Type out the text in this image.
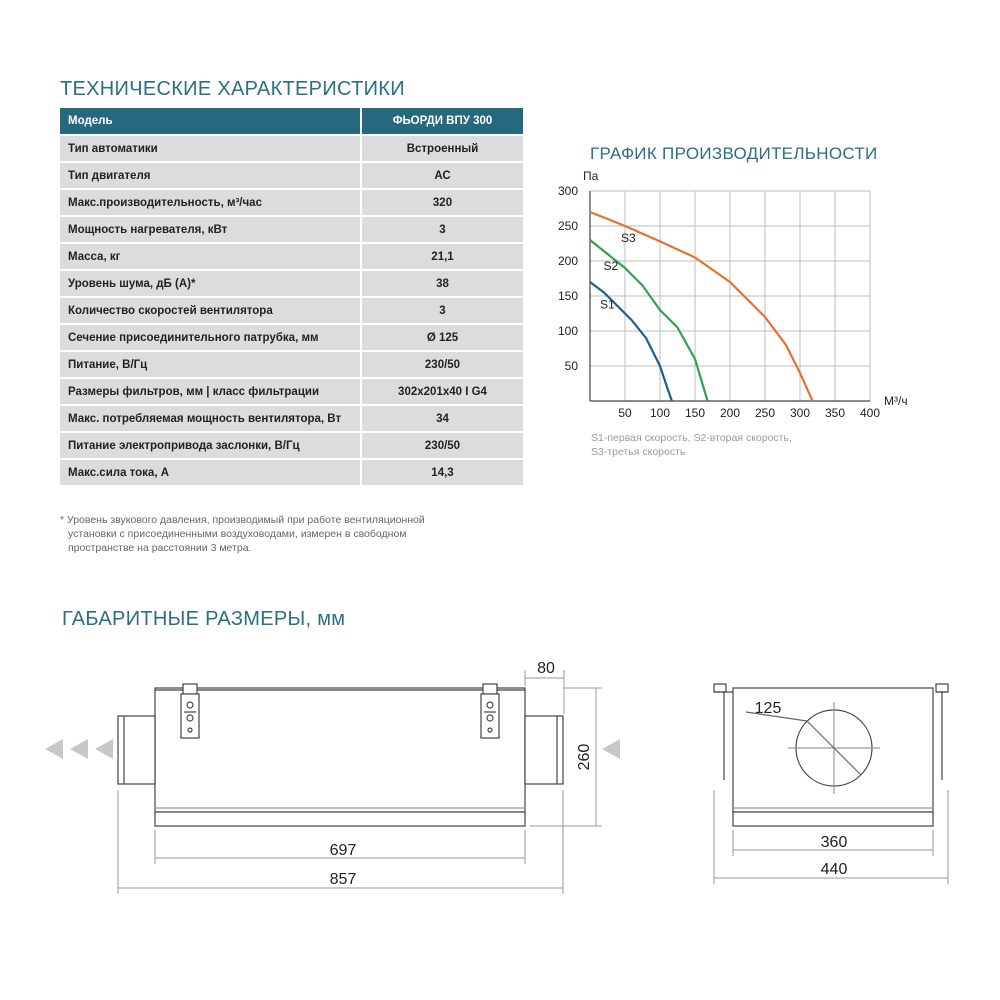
ТЕХНИЧЕСКИЕ ХАРАКТЕРИСТИКИ
Модель	ФЬОРДИ ВПУ 300
Тип автоматики	Встроенный
Тип двигателя	АС
Макс.производительность, м³/час	320
Мощность нагревателя, кВт	3
Масса, кг	21,1
Уровень шума, дБ (А)*	38
Количество скоростей вентилятора	3
Сечение присоединительного патрубка, мм	Ø 125
Питание, В/Гц	230/50
Размеры фильтров, мм | класс фильтрации	302x201x40 I G4
Макс. потребляемая мощность вентилятора, Вт	34
Питание электропривода заслонки, В/Гц	230/50
Макс.сила тока, А	14,3
* Уровень звукового давления, производимый при работе вентиляционной
установки с присоединенными воздуховодами, измерен в свободном
пространстве на расстоянии 3 метра.
ГРАФИК ПРОИЗВОДИТЕЛЬНОСТИ
S1
S2
S3
50 100 150 200 250 300 350 400
50
100
150
200
250
300
Па
М³/ч
S1-первая скорость, S2-вторая скорость,
S3-третья скорость
ГАБАРИТНЫЕ РАЗМЕРЫ, мм
80
260
697
857
125
360
440
